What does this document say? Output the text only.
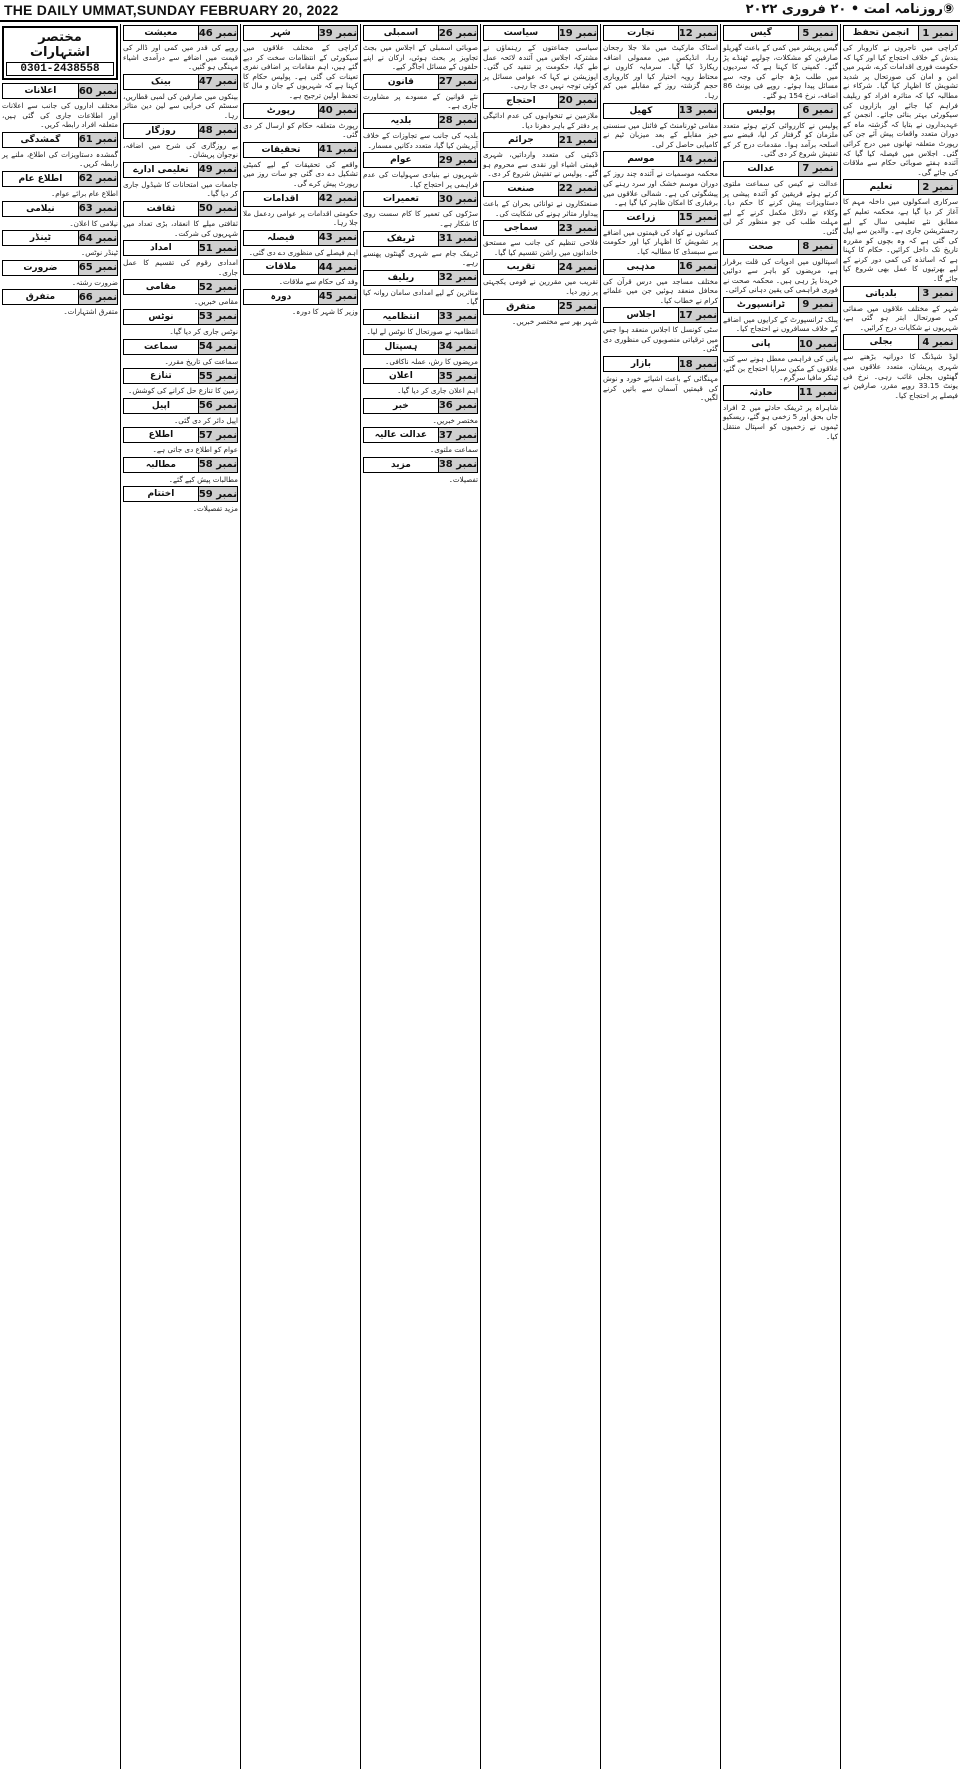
THE DAILY UMMAT,SUNDAY FEBRUARY 20, 2022	⑨روزنامہ امت • ۲۰ فروری ۲۰۲۲
نمبر 1
انجمن تحفظ
کراچی میں تاجروں نے کاروبار کی بندش کے خلاف احتجاج کیا اور کہا کہ حکومت فوری اقدامات کرے، شہر میں امن و امان کی صورتحال پر شدید تشویش کا اظہار کیا گیا۔ شرکاء نے مطالبہ کیا کہ متاثرہ افراد کو ریلیف فراہم کیا جائے اور بازاروں کی سیکورٹی بہتر بنائی جائے۔ انجمن کے عہدیداروں نے بتایا کہ گزشتہ ماہ کے دوران متعدد واقعات پیش آئے جن کی رپورٹ متعلقہ تھانوں میں درج کرائی گئی۔ اجلاس میں فیصلہ کیا گیا کہ آئندہ ہفتے صوبائی حکام سے ملاقات کی جائے گی۔
نمبر 2
تعلیم
سرکاری اسکولوں میں داخلہ مہم کا آغاز کر دیا گیا ہے، محکمہ تعلیم کے مطابق نئے تعلیمی سال کے لیے رجسٹریشن جاری ہے۔ والدین سے اپیل کی گئی ہے کہ وہ بچوں کو مقررہ تاریخ تک داخل کرائیں۔ حکام کا کہنا ہے کہ اساتذہ کی کمی دور کرنے کے لیے بھرتیوں کا عمل بھی شروع کیا جائے گا۔
نمبر 3
بلدیاتی
شہر کے مختلف علاقوں میں صفائی کی صورتحال ابتر ہو گئی ہے، شہریوں نے شکایات درج کرائیں۔
نمبر 4
بجلی
لوڈ شیڈنگ کا دورانیہ بڑھنے سے شہری پریشان، متعدد علاقوں میں گھنٹوں بجلی غائب رہی۔ نرخ فی یونٹ 33.15 روپے مقرر، صارفین نے فیصلے پر احتجاج کیا۔
نمبر 5
گیس
گیس پریشر میں کمی کے باعث گھریلو صارفین کو مشکلات، چولہے ٹھنڈے پڑ گئے۔ کمپنی کا کہنا ہے کہ سردیوں میں طلب بڑھ جانے کی وجہ سے مسائل پیدا ہوئے۔ روپے فی یونٹ 86 اضافہ، نرخ 154 ہو گئے۔
نمبر 6
پولیس
پولیس نے کارروائی کرتے ہوئے متعدد ملزمان کو گرفتار کر لیا، قبضے سے اسلحہ برآمد ہوا۔ مقدمات درج کر کے تفتیش شروع کر دی گئی۔
نمبر 7
عدالت
عدالت نے کیس کی سماعت ملتوی کرتے ہوئے فریقین کو آئندہ پیشی پر دستاویزات پیش کرنے کا حکم دیا۔ وکلاء نے دلائل مکمل کرنے کے لیے مہلت طلب کی جو منظور کر لی گئی۔
نمبر 8
صحت
اسپتالوں میں ادویات کی قلت برقرار ہے، مریضوں کو باہر سے دوائیں خریدنا پڑ رہی ہیں۔ محکمہ صحت نے فوری فراہمی کی یقین دہانی کرائی۔
نمبر 9
ٹرانسپورٹ
پبلک ٹرانسپورٹ کے کرایوں میں اضافے کے خلاف مسافروں نے احتجاج کیا۔
نمبر 10
پانی
پانی کی فراہمی معطل ہونے سے کئی علاقوں کے مکین سراپا احتجاج بن گئے، ٹینکر مافیا سرگرم۔
نمبر 11
حادثہ
شاہراہ پر ٹریفک حادثے میں 2 افراد جاں بحق اور 5 زخمی ہو گئے، ریسکیو ٹیموں نے زخمیوں کو اسپتال منتقل کیا۔
نمبر 12
تجارت
اسٹاک مارکیٹ میں ملا جلا رجحان رہا، انڈیکس میں معمولی اضافہ ریکارڈ کیا گیا۔ سرمایہ کاروں نے محتاط رویہ اختیار کیا اور کاروباری حجم گزشتہ روز کے مقابلے میں کم رہا۔
نمبر 13
کھیل
مقامی ٹورنامنٹ کے فائنل میں سنسنی خیز مقابلے کے بعد میزبان ٹیم نے کامیابی حاصل کر لی۔
نمبر 14
موسم
محکمہ موسمیات نے آئندہ چند روز کے دوران موسم خشک اور سرد رہنے کی پیشگوئی کی ہے۔ شمالی علاقوں میں برفباری کا امکان ظاہر کیا گیا ہے۔
نمبر 15
زراعت
کسانوں نے کھاد کی قیمتوں میں اضافے پر تشویش کا اظہار کیا اور حکومت سے سبسڈی کا مطالبہ کیا۔
نمبر 16
مذہبی
مختلف مساجد میں درس قرآن کی محافل منعقد ہوئیں جن میں علمائے کرام نے خطاب کیا۔
نمبر 17
اجلاس
سٹی کونسل کا اجلاس منعقد ہوا جس میں ترقیاتی منصوبوں کی منظوری دی گئی۔
نمبر 18
بازار
مہنگائی کے باعث اشیائے خورد و نوش کی قیمتیں آسمان سے باتیں کرنے لگیں۔
نمبر 19
سیاست
سیاسی جماعتوں کے رہنماؤں نے مشترکہ اجلاس میں آئندہ لائحہ عمل طے کیا، حکومت پر تنقید کی گئی۔ اپوزیشن نے کہا کہ عوامی مسائل پر کوئی توجہ نہیں دی جا رہی۔
نمبر 20
احتجاج
ملازمین نے تنخواہوں کی عدم ادائیگی پر دفتر کے باہر دھرنا دیا۔
نمبر 21
جرائم
ڈکیتی کی متعدد وارداتیں، شہری قیمتی اشیاء اور نقدی سے محروم ہو گئے۔ پولیس نے تفتیش شروع کر دی۔
نمبر 22
صنعت
صنعتکاروں نے توانائی بحران کے باعث پیداوار متاثر ہونے کی شکایت کی۔
نمبر 23
سماجی
فلاحی تنظیم کی جانب سے مستحق خاندانوں میں راشن تقسیم کیا گیا۔
نمبر 24
تقریب
تقریب میں مقررین نے قومی یکجہتی پر زور دیا۔
نمبر 25
متفرق
شہر بھر سے مختصر خبریں۔
نمبر 26
اسمبلی
صوبائی اسمبلی کے اجلاس میں بجٹ تجاویز پر بحث ہوئی، ارکان نے اپنے حلقوں کے مسائل اجاگر کیے۔
نمبر 27
قانون
نئے قوانین کے مسودے پر مشاورت جاری ہے۔
نمبر 28
بلدیہ
بلدیہ کی جانب سے تجاوزات کے خلاف آپریشن کیا گیا، متعدد دکانیں مسمار۔
نمبر 29
عوام
شہریوں نے بنیادی سہولیات کی عدم فراہمی پر احتجاج کیا۔
نمبر 30
تعمیرات
سڑکوں کی تعمیر کا کام سست روی کا شکار ہے۔
نمبر 31
ٹریفک
ٹریفک جام سے شہری گھنٹوں پھنسے رہے۔
نمبر 32
ریلیف
متاثرین کے لیے امدادی سامان روانہ کیا گیا۔
نمبر 33
انتظامیہ
انتظامیہ نے صورتحال کا نوٹس لے لیا۔
نمبر 34
ہسپتال
مریضوں کا رش، عملہ ناکافی۔
نمبر 35
اعلان
اہم اعلان جاری کر دیا گیا۔
نمبر 36
خبر
مختصر خبریں۔
نمبر 37
عدالت عالیہ
سماعت ملتوی۔
نمبر 38
مزید
تفصیلات۔
نمبر 39
شہر
کراچی کے مختلف علاقوں میں سیکورٹی کے انتظامات سخت کر دیے گئے ہیں، اہم مقامات پر اضافی نفری تعینات کی گئی ہے۔ پولیس حکام کا کہنا ہے کہ شہریوں کے جان و مال کا تحفظ اولین ترجیح ہے۔
نمبر 40
رپورٹ
رپورٹ متعلقہ حکام کو ارسال کر دی گئی۔
نمبر 41
تحقیقات
واقعے کی تحقیقات کے لیے کمیٹی تشکیل دے دی گئی جو سات روز میں رپورٹ پیش کرے گی۔
نمبر 42
اقدامات
حکومتی اقدامات پر عوامی ردعمل ملا جلا رہا۔
نمبر 43
فیصلہ
اہم فیصلے کی منظوری دے دی گئی۔
نمبر 44
ملاقات
وفد کی حکام سے ملاقات۔
نمبر 45
دورہ
وزیر کا شہر کا دورہ۔
نمبر 46
معیشت
روپے کی قدر میں کمی اور ڈالر کی قیمت میں اضافے سے درآمدی اشیاء مہنگی ہو گئیں۔
نمبر 47
بینک
بینکوں میں صارفین کی لمبی قطاریں، سسٹم کی خرابی سے لین دین متاثر رہا۔
نمبر 48
روزگار
بے روزگاری کی شرح میں اضافہ، نوجوان پریشان۔
نمبر 49
تعلیمی ادارے
جامعات میں امتحانات کا شیڈول جاری کر دیا گیا۔
نمبر 50
ثقافت
ثقافتی میلے کا انعقاد، بڑی تعداد میں شہریوں کی شرکت۔
نمبر 51
امداد
امدادی رقوم کی تقسیم کا عمل جاری۔
نمبر 52
مقامی
مقامی خبریں۔
نمبر 53
نوٹس
نوٹس جاری کر دیا گیا۔
نمبر 54
سماعت
سماعت کی تاریخ مقرر۔
نمبر 55
تنازع
زمین کا تنازع حل کرانے کی کوشش۔
نمبر 56
اپیل
اپیل دائر کر دی گئی۔
نمبر 57
اطلاع
عوام کو اطلاع دی جاتی ہے۔
نمبر 58
مطالبہ
مطالبات پیش کیے گئے۔
نمبر 59
اختتام
مزید تفصیلات۔
مختصر اشتہارات
0301-2438558
نمبر 60
اعلانات
مختلف اداروں کی جانب سے اعلانات اور اطلاعات جاری کی گئی ہیں، متعلقہ افراد رابطہ کریں۔
نمبر 61
گمشدگی
گمشدہ دستاویزات کی اطلاع، ملنے پر رابطہ کریں۔
نمبر 62
اطلاع عام
اطلاع عام برائے عوام۔
نمبر 63
نیلامی
نیلامی کا اعلان۔
نمبر 64
ٹینڈر
ٹینڈر نوٹس۔
نمبر 65
ضرورت
ضرورت رشتہ۔
نمبر 66
متفرق
متفرق اشتہارات۔
